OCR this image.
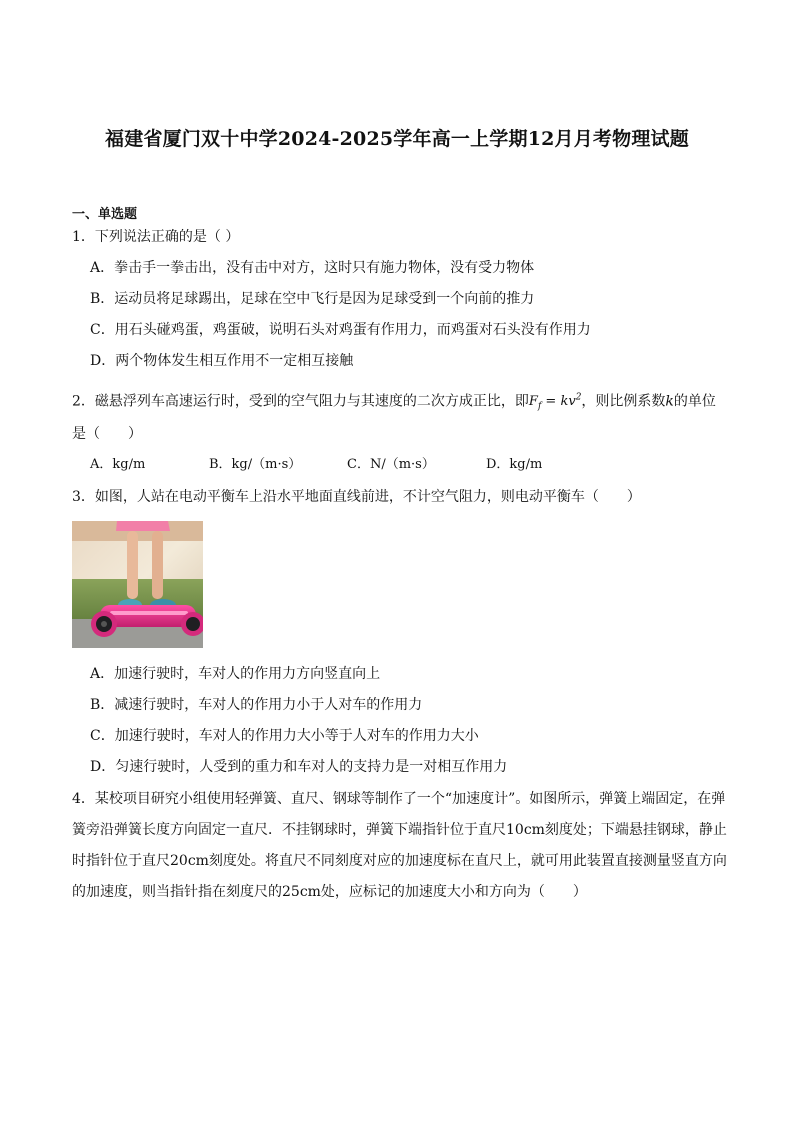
福建省厦门双十中学2024-2025学年高一上学期12月月考物理试题
一、单选题
1．下列说法正确的是（ ）
A．拳击手一拳击出，没有击中对方，这时只有施力物体，没有受力物体
B．运动员将足球踢出，足球在空中飞行是因为足球受到一个向前的推力
C．用石头碰鸡蛋，鸡蛋破，说明石头对鸡蛋有作用力，而鸡蛋对石头没有作用力
D．两个物体发生相互作用不一定相互接触
2．磁悬浮列车高速运行时，受到的空气阻力与其速度的二次方成正比，即$F_f = kv^2$，则比例系数k的单位
是（　　）
A．kg/m	B．kg/（m·s）	C．N/（m·s）	D．kg/m
3．如图，人站在电动平衡车上沿水平地面直线前进，不计空气阻力，则电动平衡车（　　）
A．加速行驶时，车对人的作用力方向竖直向上
B．减速行驶时，车对人的作用力小于人对车的作用力
C．加速行驶时，车对人的作用力大小等于人对车的作用力大小
D．匀速行驶时，人受到的重力和车对人的支持力是一对相互作用力
4．某校项目研究小组使用轻弹簧、直尺、钢球等制作了一个“加速度计”。如图所示，弹簧上端固定，在弹
簧旁沿弹簧长度方向固定一直尺．不挂钢球时，弹簧下端指针位于直尺10cm刻度处；下端悬挂钢球，静止
时指针位于直尺20cm刻度处。将直尺不同刻度对应的加速度标在直尺上，就可用此装置直接测量竖直方向
的加速度，则当指针指在刻度尺的25cm处，应标记的加速度大小和方向为（　　）
